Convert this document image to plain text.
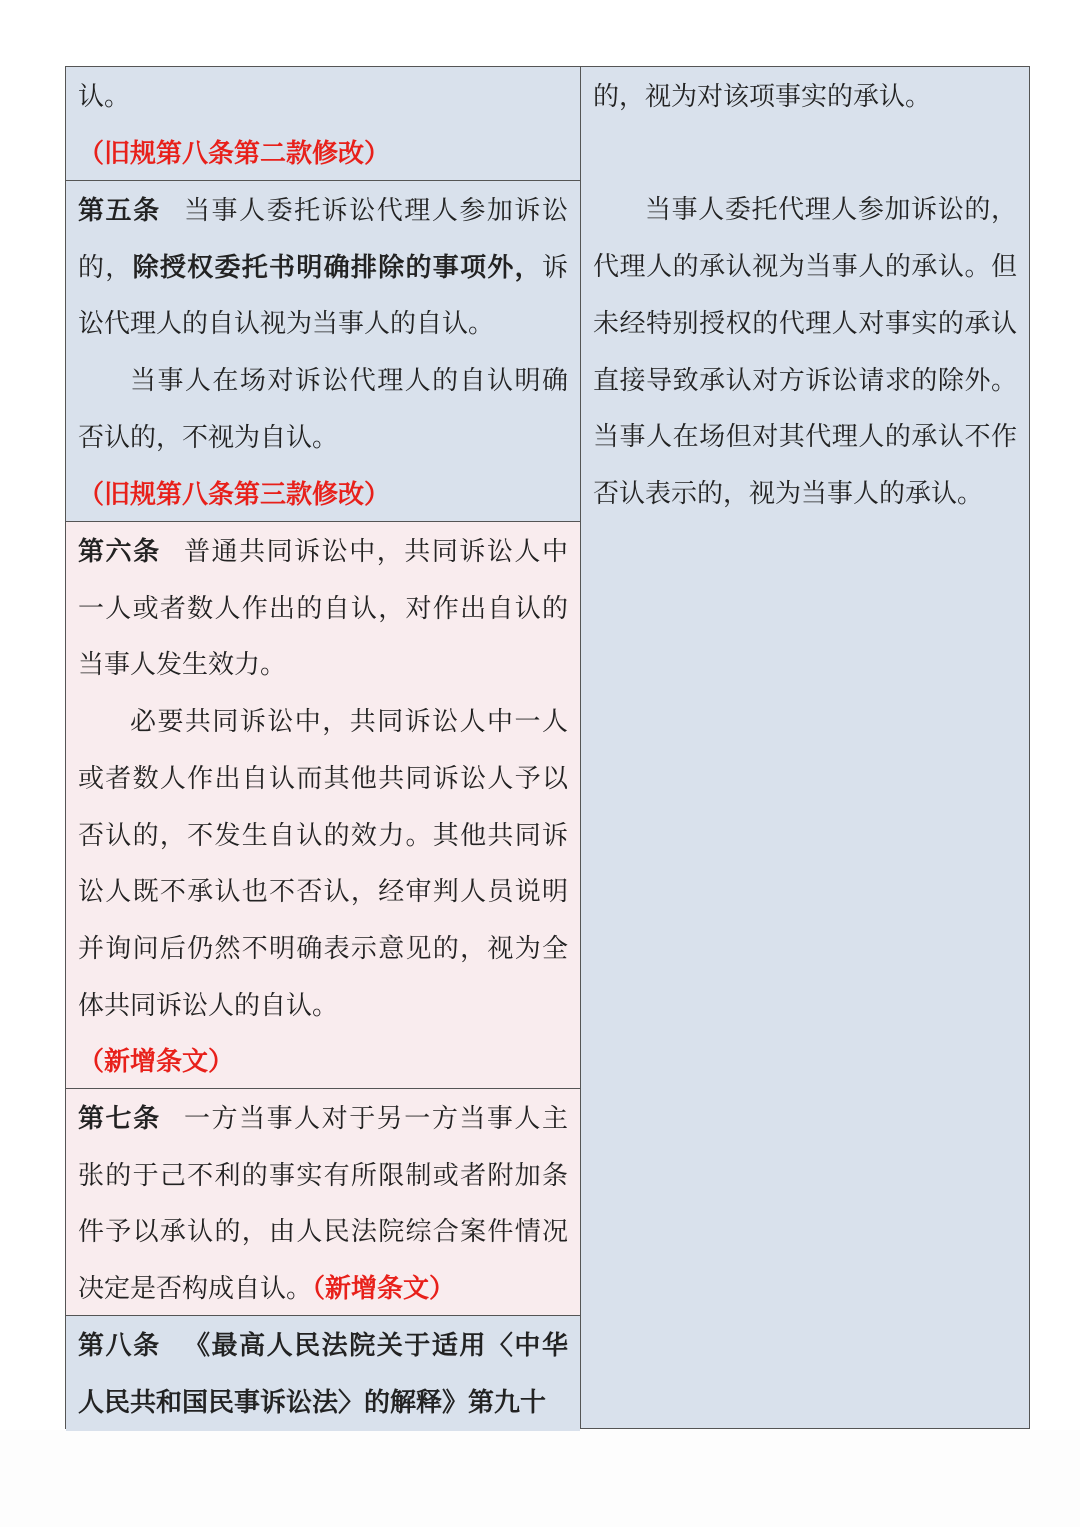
认。

（旧规第八条第二款修改）

第五条 当事人委托诉讼代理人参加诉讼的，除授权委托书明确排除的事项外，诉讼代理人的自认视为当事人的自认。

当事人在场对诉讼代理人的自认明确否认的，不视为自认。

（旧规第八条第三款修改）

第六条 普通共同诉讼中，共同诉讼人中一人或者数人作出的自认，对作出自认的当事人发生效力。

必要共同诉讼中，共同诉讼人中一人或者数人作出自认而其他共同诉讼人予以否认的，不发生自认的效力。其他共同诉讼人既不承认也不否认，经审判人员说明并询问后仍然不明确表示意见的，视为全体共同诉讼人的自认。

（新增条文）

第七条 一方当事人对于另一方当事人主张的于己不利的事实有所限制或者附加条件予以承认的，由人民法院综合案件情况决定是否构成自认。（新增条文）

第八条 《最高人民法院关于适用〈中华人民共和国民事诉讼法〉的解释》第九十

的，视为对该项事实的承认。

当事人委托代理人参加诉讼的，代理人的承认视为当事人的承认。但未经特别授权的代理人对事实的承认直接导致承认对方诉讼请求的除外。当事人在场但对其代理人的承认不作否认表示的，视为当事人的承认。
